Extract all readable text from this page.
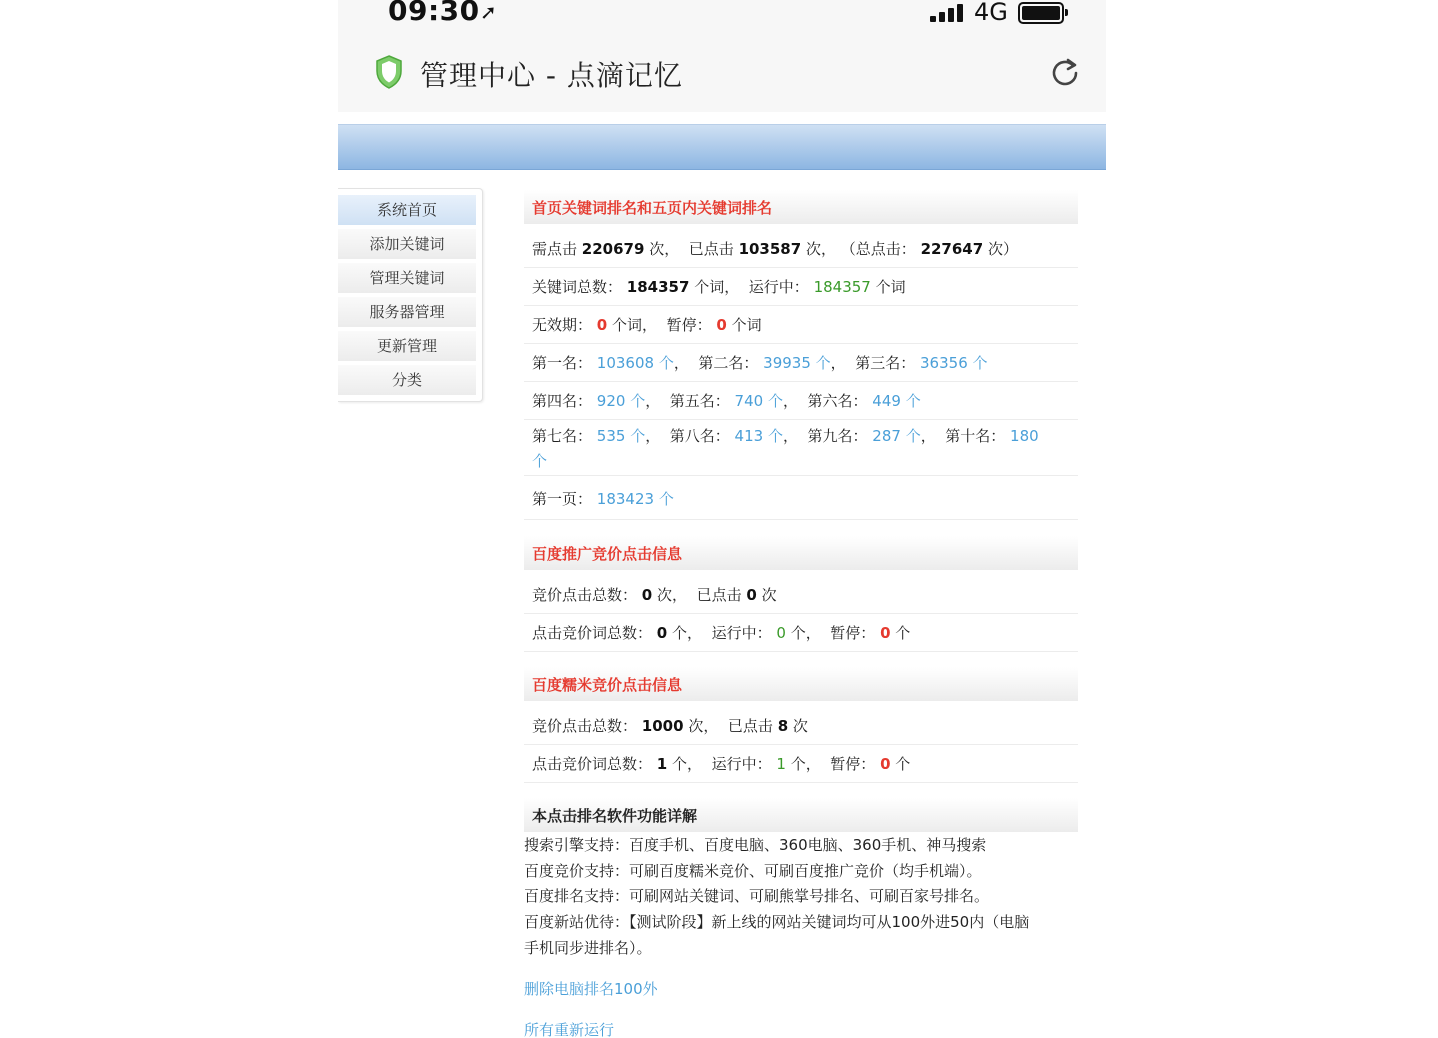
09:30 ➚	4G
管理中心 - 点滴记忆
系统首页
添加关键词
管理关键词
服务器管理
更新管理
分类
首页关键词排名和五页内关键词排名
需点击 220679 次，  已点击 103587 次， （总点击： 227647 次）
关键词总数： 184357 个词，  运行中： 184357 个词
无效期： 0 个词，  暂停： 0 个词
第一名： 103608 个，  第二名： 39935 个，  第三名： 36356 个
第四名： 920 个，  第五名： 740 个，  第六名： 449 个
第七名： 535 个，  第八名： 413 个，  第九名： 287 个，  第十名： 180
个
第一页： 183423 个
百度推广竞价点击信息
竞价点击总数： 0 次，  已点击 0 次
点击竞价词总数： 0 个，  运行中： 0 个，  暂停： 0 个
百度糯米竞价点击信息
竞价点击总数： 1000 次，  已点击 8 次
点击竞价词总数： 1 个，  运行中： 1 个，  暂停： 0 个
本点击排名软件功能详解
搜索引擎支持：百度手机、百度电脑、360电脑、360手机、神马搜索
百度竞价支持：可刷百度糯米竞价、可刷百度推广竞价（均手机端）。
百度排名支持：可刷网站关键词、可刷熊掌号排名、可刷百家号排名。
百度新站优待：【测试阶段】新上线的网站关键词均可从100外进50内（电脑
手机同步进排名）。
删除电脑排名100外
所有重新运行
